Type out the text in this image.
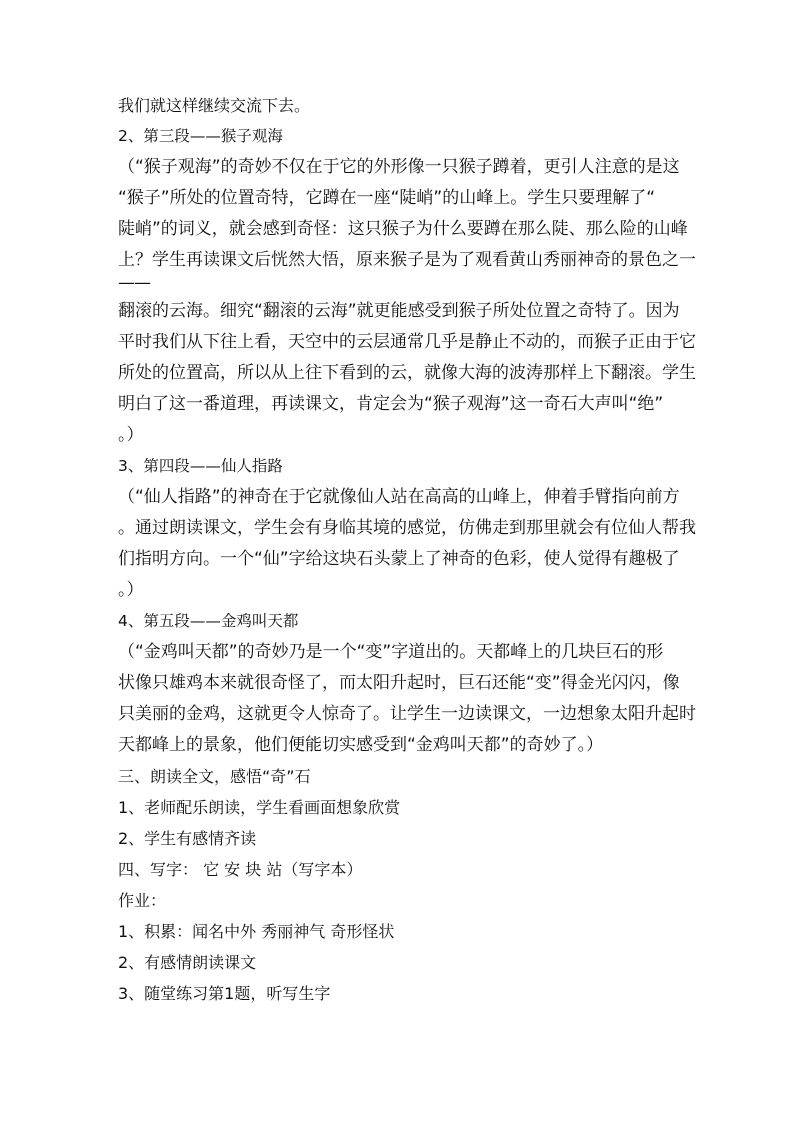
我们就这样继续交流下去。
2、第三段——猴子观海
（“猴子观海”的奇妙不仅在于它的外形像一只猴子蹲着，更引人注意的是这
“猴子”所处的位置奇特，它蹲在一座“陡峭”的山峰上。学生只要理解了“
陡峭”的词义，就会感到奇怪：这只猴子为什么要蹲在那么陡、那么险的山峰
上？学生再读课文后恍然大悟，原来猴子是为了观看黄山秀丽神奇的景色之一
——
翻滚的云海。细究“翻滚的云海”就更能感受到猴子所处位置之奇特了。因为
平时我们从下往上看，天空中的云层通常几乎是静止不动的，而猴子正由于它
所处的位置高，所以从上往下看到的云，就像大海的波涛那样上下翻滚。学生
明白了这一番道理，再读课文，肯定会为“猴子观海”这一奇石大声叫“绝”
。）
3、第四段——仙人指路
（“仙人指路”的神奇在于它就像仙人站在高高的山峰上，伸着手臂指向前方
。通过朗读课文，学生会有身临其境的感觉，仿佛走到那里就会有位仙人帮我
们指明方向。一个“仙”字给这块石头蒙上了神奇的色彩，使人觉得有趣极了
。）
4、第五段——金鸡叫天都
（“金鸡叫天都”的奇妙乃是一个“变”字道出的。天都峰上的几块巨石的形
状像只雄鸡本来就很奇怪了，而太阳升起时，巨石还能“变”得金光闪闪，像
只美丽的金鸡，这就更令人惊奇了。让学生一边读课文，一边想象太阳升起时
天都峰上的景象，他们便能切实感受到“金鸡叫天都”的奇妙了。）
三、朗读全文，感悟“奇”石
1、老师配乐朗读，学生看画面想象欣赏
2、学生有感情齐读
四、写字： 它 安 块 站（写字本）
作业：
1、积累：闻名中外 秀丽神气 奇形怪状
2、有感情朗读课文
3、随堂练习第1题，听写生字
